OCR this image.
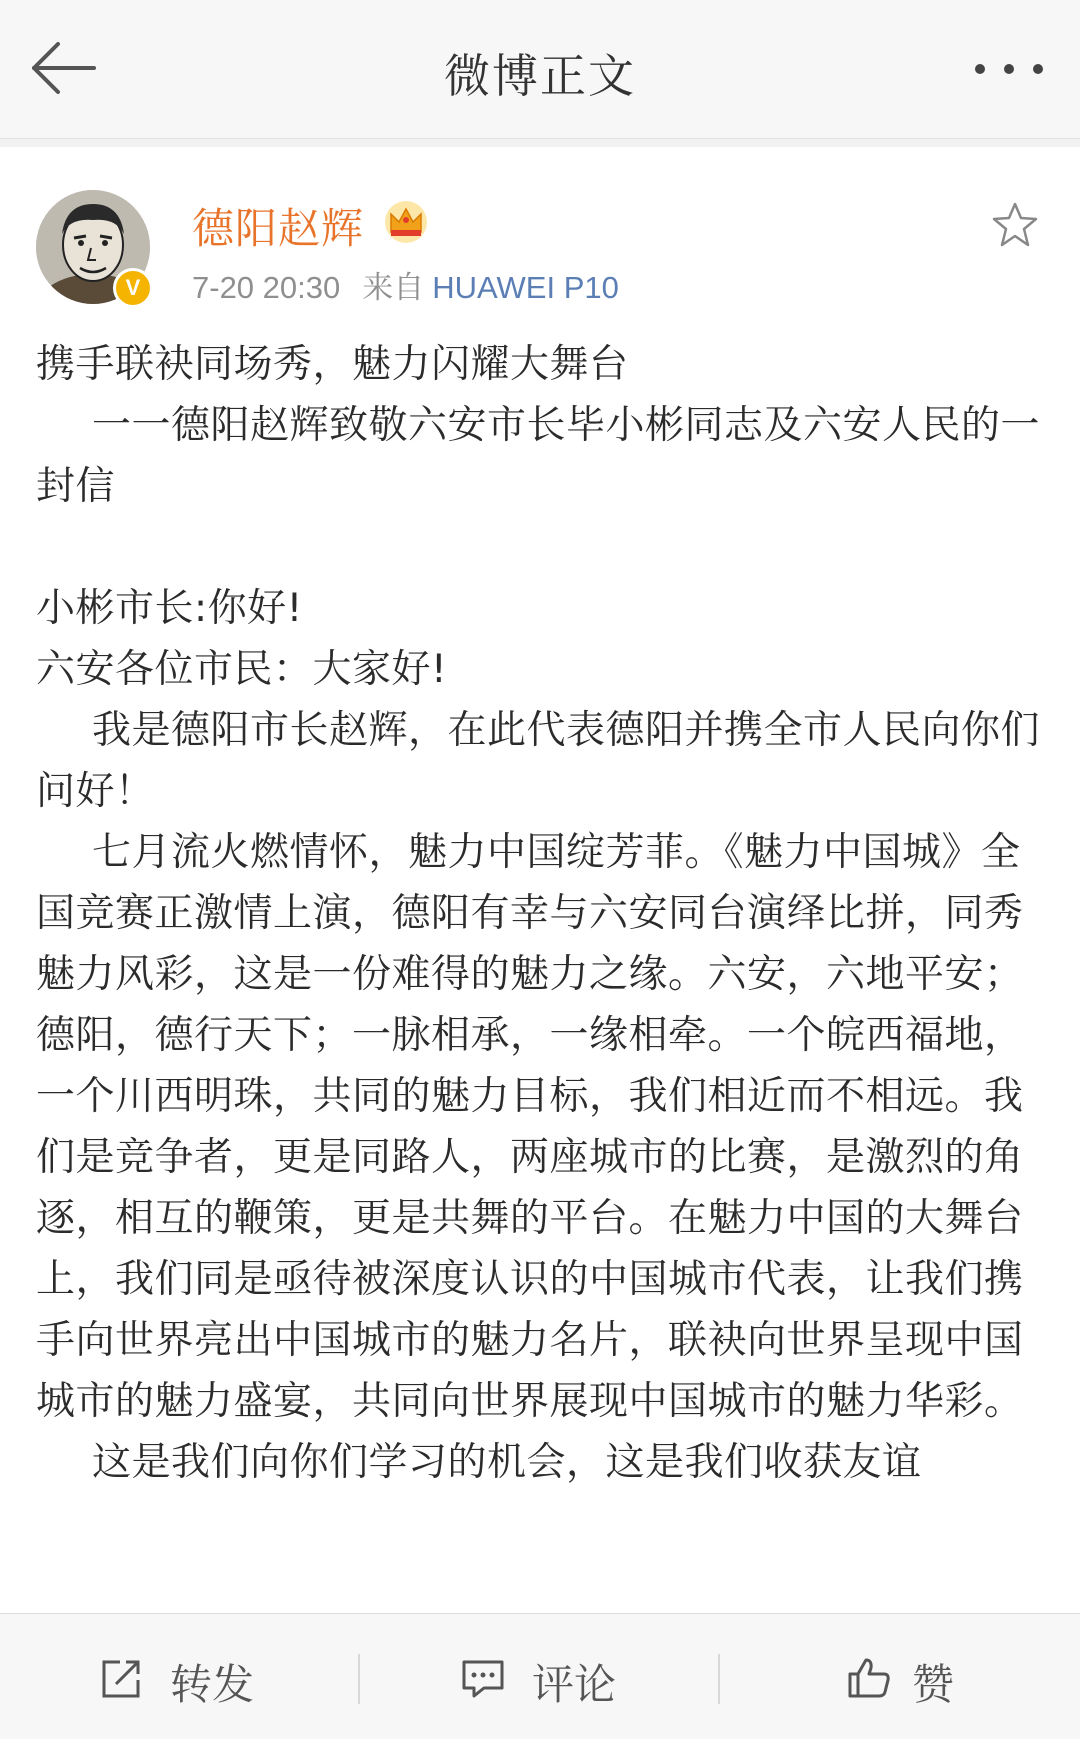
微博正文
V
德阳赵辉
7-20 20:30 来自 HUAWEI P10

携手联袂同场秀，魅力闪耀大舞台

一一德阳赵辉致敬六安市长毕小彬同志及六安人民的一封信

小彬市长:你好!

六安各位市民：大家好!

我是德阳市长赵辉，在此代表德阳并携全市人民向你们问好！

七月流火燃情怀，魅力中国绽芳菲。《魅力中国城》全国竞赛正激情上演，德阳有幸与六安同台演绎比拼，同秀魅力风彩，这是一份难得的魅力之缘。六安，六地平安；德阳，德行天下；一脉相承，一缘相牵。一个皖西福地，一个川西明珠，共同的魅力目标，我们相近而不相远。我们是竞争者，更是同路人，两座城市的比赛，是激烈的角逐，相互的鞭策，更是共舞的平台。在魅力中国的大舞台上，我们同是亟待被深度认识的中国城市代表，让我们携手向世界亮出中国城市的魅力名片，联袂向世界呈现中国城市的魅力盛宴，共同向世界展现中国城市的魅力华彩。

这是我们向你们学习的机会，这是我们收获友谊

转发	评论	赞
